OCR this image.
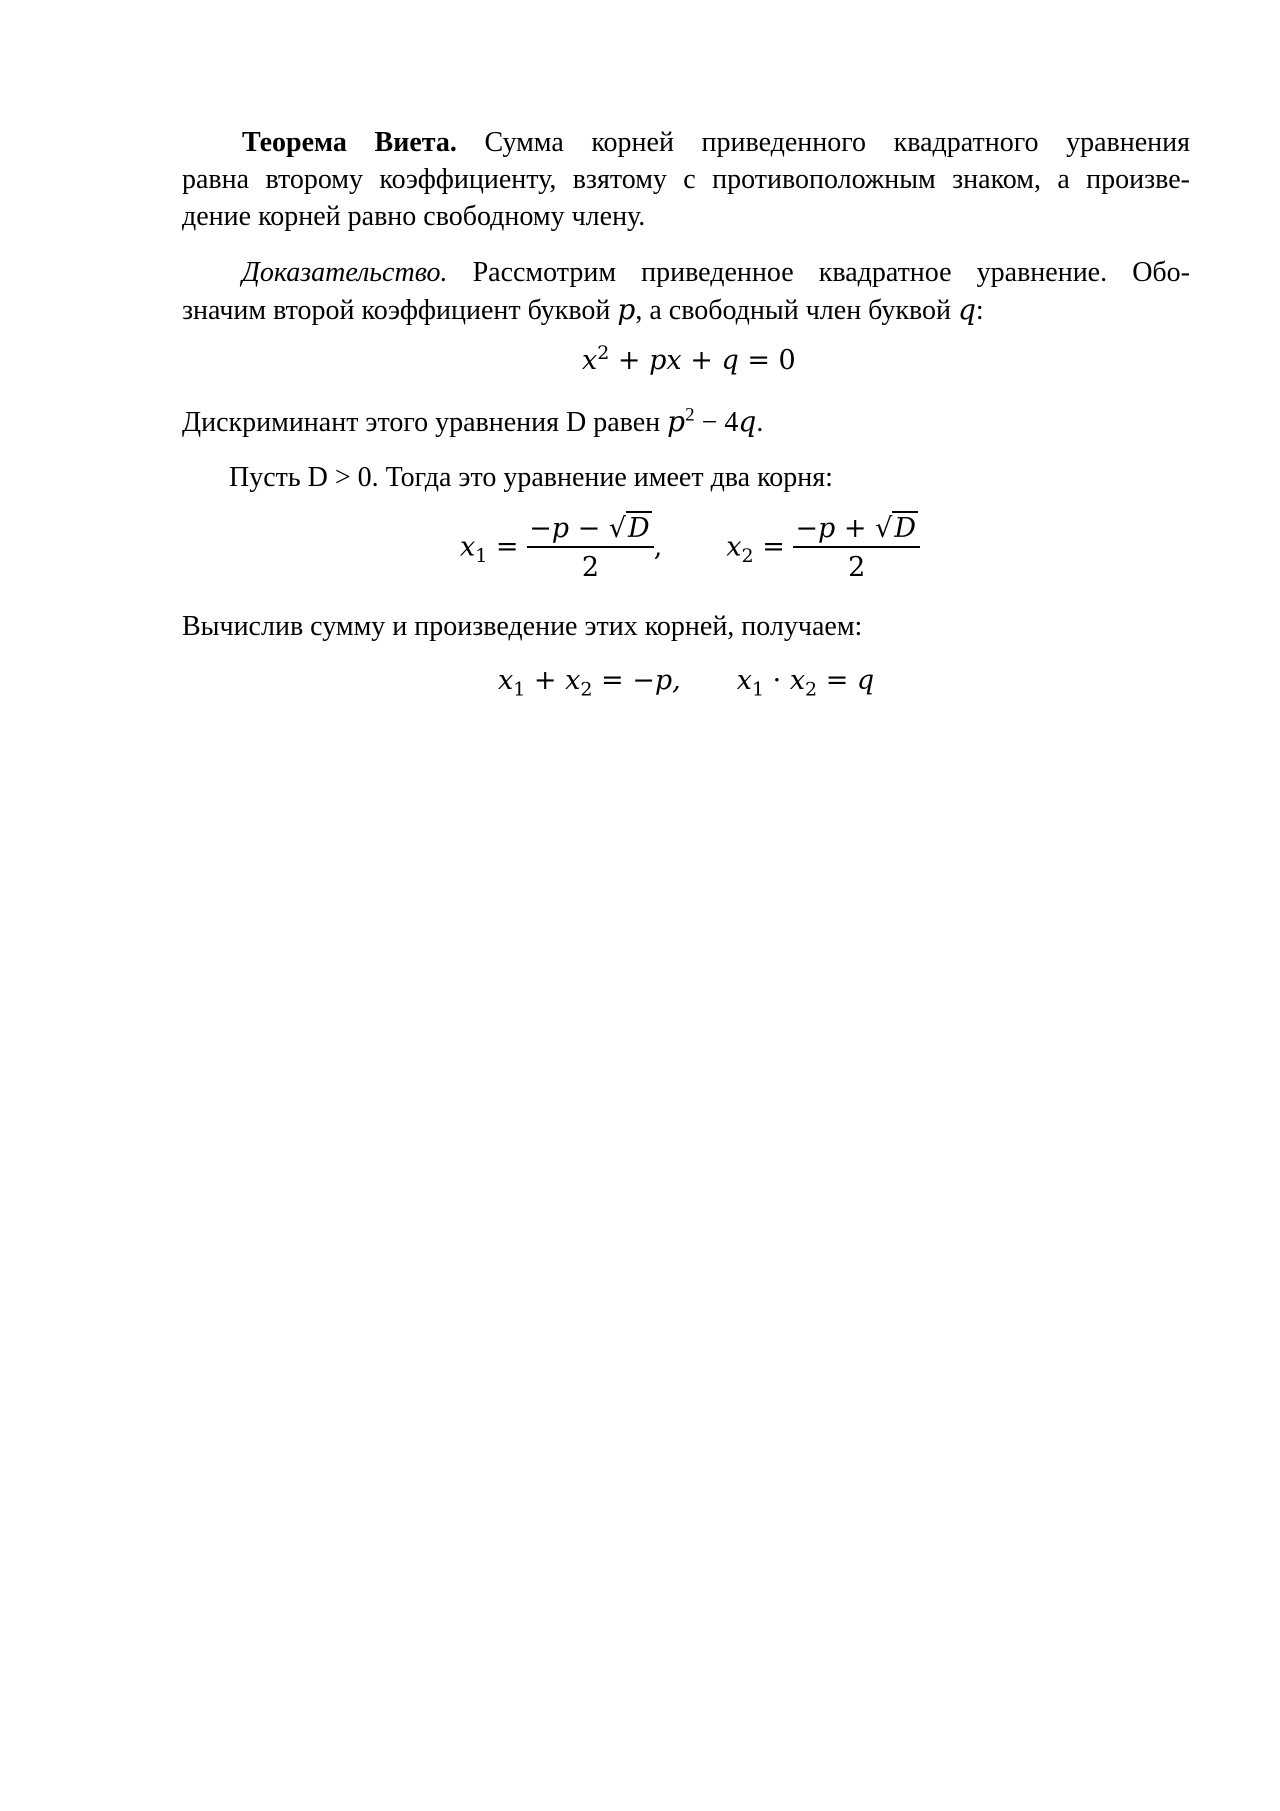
Теорема Виета. Сумма корней приведенного квадратного уравнения
равна второму коэффициенту, взятому с противоположным знаком, а произве-
дение корней равно свободному члену.
Доказательство. Рассмотрим приведенное квадратное уравнение. Обо-
значим второй коэффициент буквой p, а свободный член буквой q:
$x^2$ + px + q = 0
Дискриминант этого уравнения D равен $p^2 - 4q$.
Пусть D > 0. Тогда это уравнение имеет два корня:
$x_1 = \frac{-p - √D}{2}$ , $x_2 = \frac{-p + √D}{2}$
Вычислив сумму и произведение этих корней, получаем:
$x_1 + x_2 = -p$, $x_1 \cdot x_2 = q$
